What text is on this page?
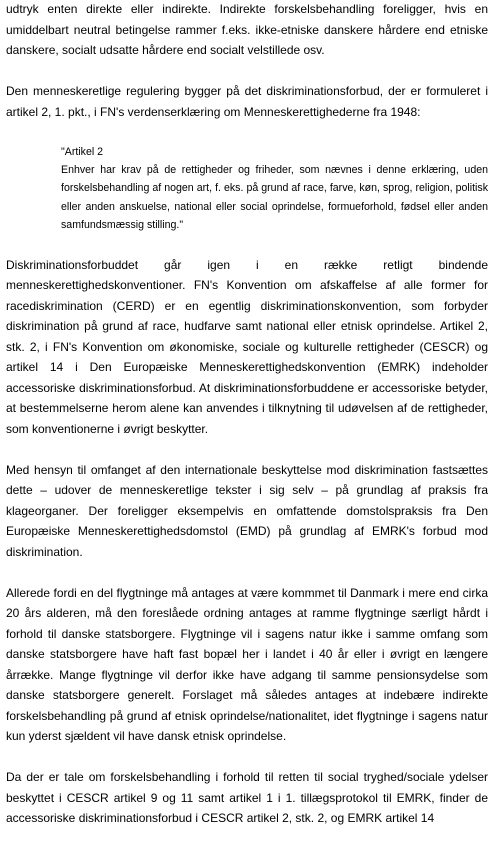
udtryk enten direkte eller indirekte. Indirekte forskelsbehandling foreligger, hvis en umiddelbart neutral betingelse rammer f.eks. ikke-etniske danskere hårdere end etniske danskere, socialt udsatte hårdere end socialt velstillede osv.

Den menneskeretlige regulering bygger på det diskriminationsforbud, der er formuleret i artikel 2, 1. pkt., i FN's verdenserklæring om Menneskerettighederne fra 1948:

"Artikel 2
Enhver har krav på de rettigheder og friheder, som nævnes i denne erklæring, uden forskelsbehandling af nogen art, f. eks. på grund af race, farve, køn, sprog, religion, politisk eller anden anskuelse, national eller social oprindelse, formueforhold, fødsel eller anden samfundsmæssig stilling."

Diskriminationsforbuddet går igen i en række retligt bindende menneskerettighedskonventioner. FN's Konvention om afskaffelse af alle former for racediskrimination (CERD) er en egentlig diskriminationskonvention, som forbyder diskrimination på grund af race, hudfarve samt national eller etnisk oprindelse. Artikel 2, stk. 2, i FN's Konvention om økonomiske, sociale og kulturelle rettigheder (CESCR) og artikel 14 i Den Europæiske Menneskerettighedskonvention (EMRK) indeholder accessoriske diskriminationsforbud. At diskriminationsforbuddene er accessoriske betyder, at bestemmelserne herom alene kan anvendes i tilknytning til udøvelsen af de rettigheder, som konventionerne i øvrigt beskytter.

Med hensyn til omfanget af den internationale beskyttelse mod diskrimination fastsættes dette – udover de menneskeretlige tekster i sig selv – på grundlag af praksis fra klageorganer. Der foreligger eksempelvis en omfattende domstolspraksis fra Den Europæiske Menneskerettighedsdomstol (EMD) på grundlag af EMRK's forbud mod diskrimination.

Allerede fordi en del flygtninge må antages at være kommmet til Danmark i mere end cirka 20 års alderen, må den foreslåede ordning antages at ramme flygtninge særligt hårdt i forhold til danske statsborgere. Flygtninge vil i sagens natur ikke i samme omfang som danske statsborgere have haft fast bopæl her i landet i 40 år eller i øvrigt en længere årrække. Mange flygtninge vil derfor ikke have adgang til samme pensionsydelse som danske statsborgere generelt. Forslaget må således antages at indebære indirekte forskelsbehandling på grund af etnisk oprindelse/nationalitet, idet flygtninge i sagens natur kun yderst sjældent vil have dansk etnisk oprindelse.

Da der er tale om forskelsbehandling i forhold til retten til social tryghed/sociale ydelser beskyttet i CESCR artikel 9 og 11 samt artikel 1 i 1. tillægsprotokol til EMRK, finder de accessoriske diskriminationsforbud i CESCR artikel 2, stk. 2, og EMRK artikel 14
